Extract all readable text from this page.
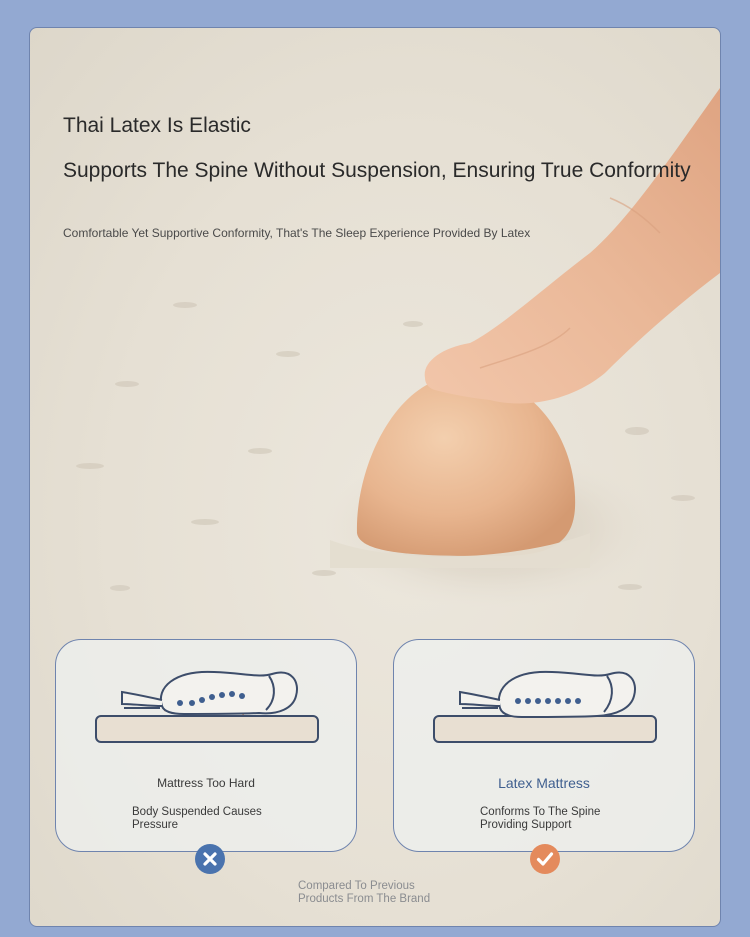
Thai Latex Is Elastic
Supports The Spine Without Suspension, Ensuring True Conformity
Comfortable Yet Supportive Conformity, That's The Sleep Experience Provided By Latex
Mattress Too Hard
Body Suspended Causes
Pressure
Latex Mattress
Conforms To The Spine
Providing Support
Compared To Previous
Products From The Brand
